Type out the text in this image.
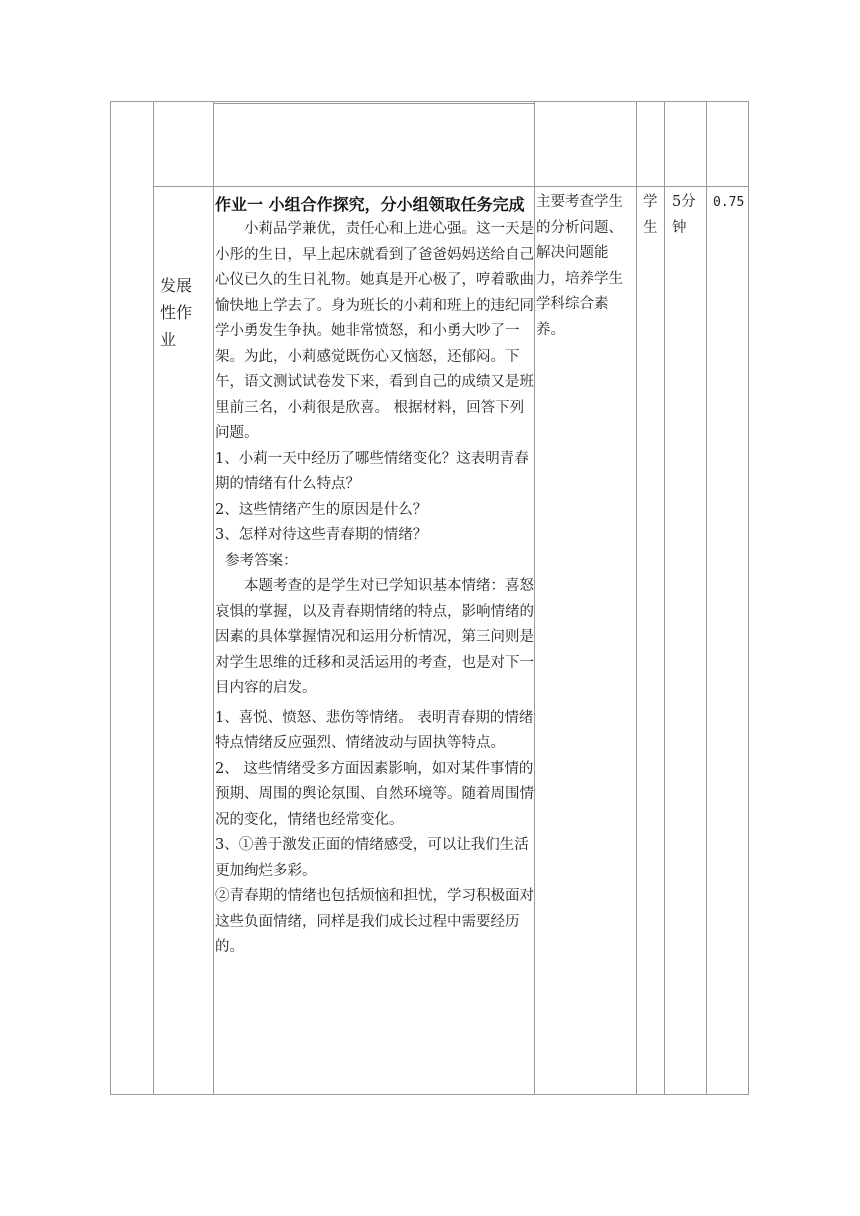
发展性作业

作业一 小组合作探究，分小组领取任务完成

小莉品学兼优，责任心和上进心强。这一天是小彤的生日，早上起床就看到了爸爸妈妈送给自己心仪已久的生日礼物。她真是开心极了，哼着歌曲愉快地上学去了。身为班长的小莉和班上的违纪同学小勇发生争执。她非常愤怒，和小勇大吵了一架。为此，小莉感觉既伤心又恼怒，还郁闷。下午，语文测试试卷发下来，看到自己的成绩又是班里前三名，小莉很是欣喜。 根据材料，回答下列问题。

1、小莉一天中经历了哪些情绪变化？这表明青春期的情绪有什么特点？

2、这些情绪产生的原因是什么？

3、怎样对待这些青春期的情绪？

参考答案：

本题考查的是学生对已学知识基本情绪：喜怒哀惧的掌握，以及青春期情绪的特点，影响情绪的因素的具体掌握情况和运用分析情况，第三问则是对学生思维的迁移和灵活运用的考查，也是对下一目内容的启发。

1、喜悦、愤怒、悲伤等情绪。 表明青春期的情绪特点情绪反应强烈、情绪波动与固执等特点。

2、 这些情绪受多方面因素影响，如对某件事情的预期、周围的舆论氛围、自然环境等。随着周围情况的变化，情绪也经常变化。

3、①善于激发正面的情绪感受，可以让我们生活更加绚烂多彩。

②青春期的情绪也包括烦恼和担忧，学习积极面对这些负面情绪，同样是我们成长过程中需要经历的。

主要考查学生的分析问题、解决问题能力，培养学生学科综合素养。
学生
5分钟
0.75
